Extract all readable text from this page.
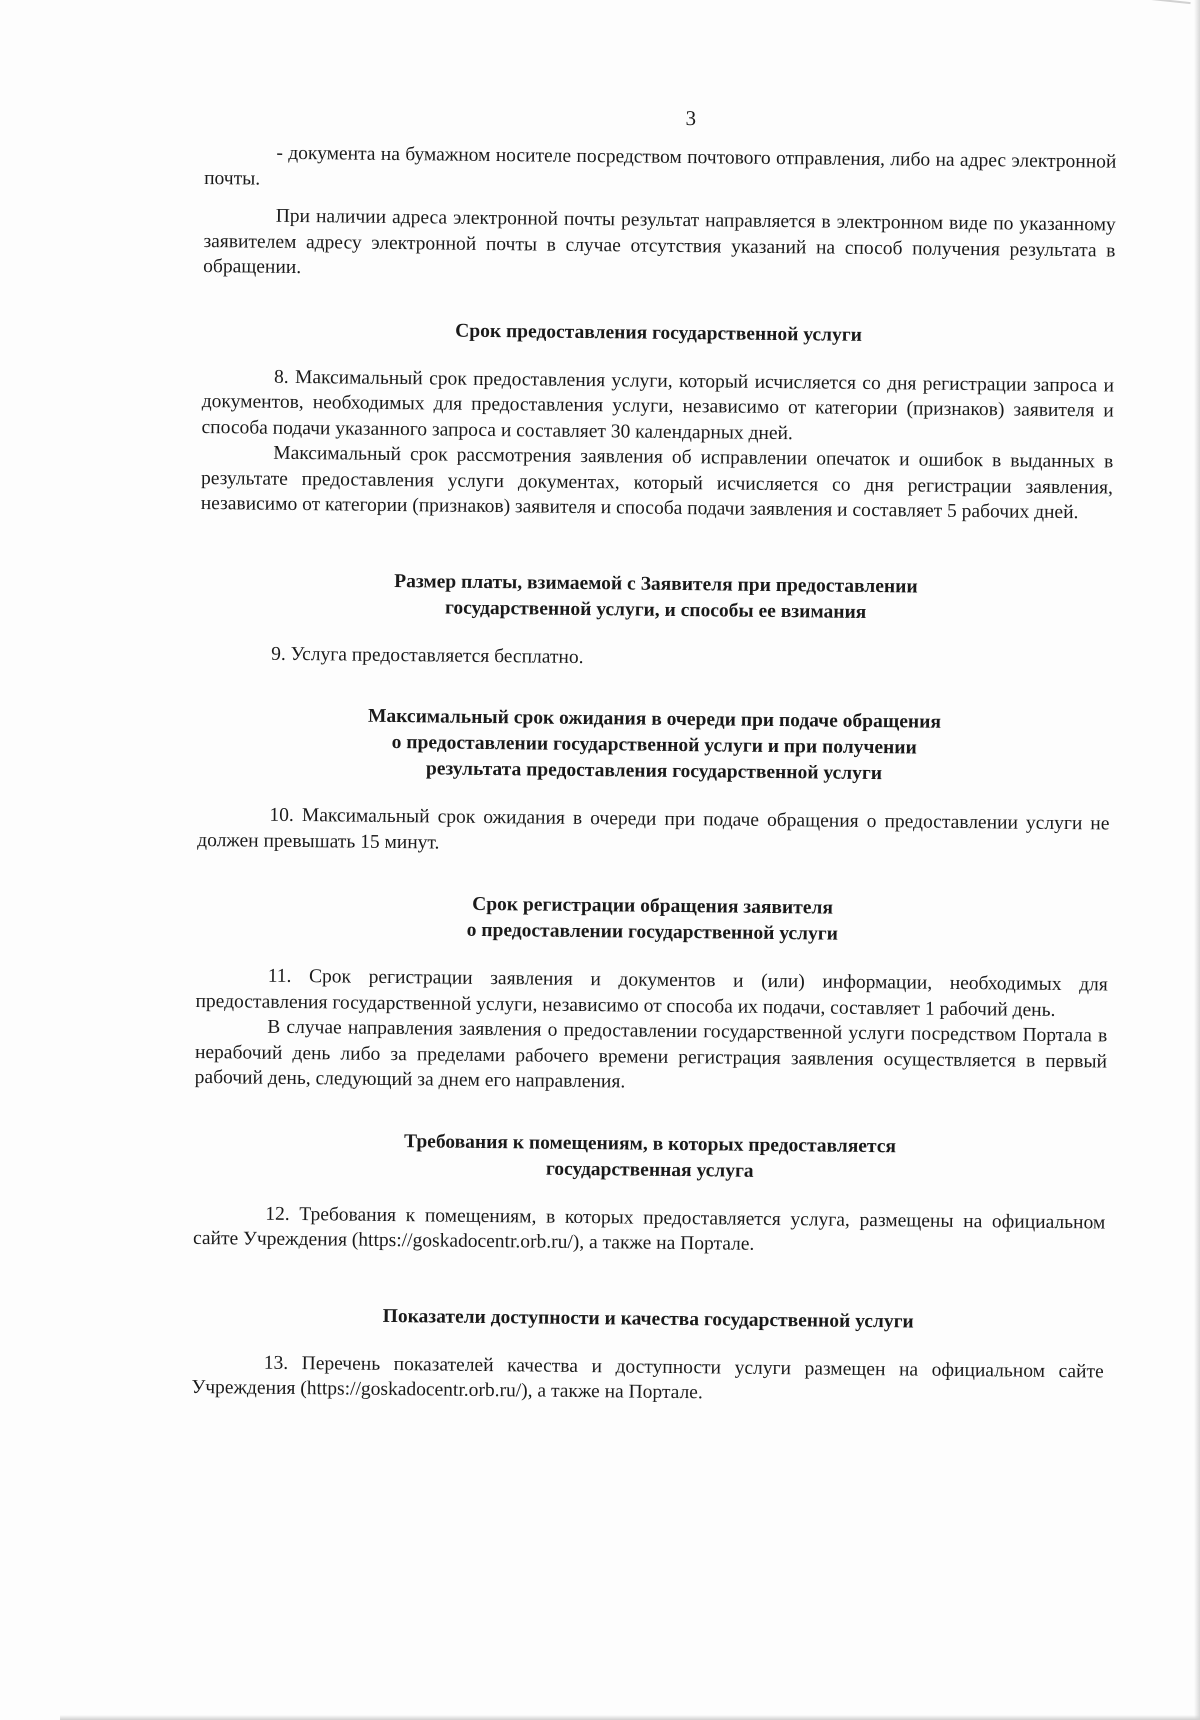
3

- документа на бумажном носителе посредством почтового отправления, либо на адрес электронной почты.

При наличии адреса электронной почты результат направляется в электронном виде по указанному заявителем адресу электронной почты в случае отсутствия указаний на способ получения результата в обращении.

Срок предоставления государственной услуги

8. Максимальный срок предоставления услуги, который исчисляется со дня регистрации запроса и документов, необходимых для предоставления услуги, независимо от категории (признаков) заявителя и способа подачи указанного запроса и составляет 30 календарных дней.

Максимальный срок рассмотрения заявления об исправлении опечаток и ошибок в выданных в результате предоставления услуги документах, который исчисляется со дня регистрации заявления, независимо от категории (признаков) заявителя и способа подачи заявления и составляет 5 рабочих дней.

Размер платы, взимаемой с Заявителя при предоставлении
государственной услуги, и способы ее взимания

9. Услуга предоставляется бесплатно.

Максимальный срок ожидания в очереди при подаче обращения
о предоставлении государственной услуги и при получении
результата предоставления государственной услуги

10. Максимальный срок ожидания в очереди при подаче обращения о предоставлении услуги не должен превышать 15 минут.

Срок регистрации обращения заявителя
о предоставлении государственной услуги

11. Срок регистрации заявления и документов и (или) информации, необходимых для предоставления государственной услуги, независимо от способа их подачи, составляет 1 рабочий день.

В случае направления заявления о предоставлении государственной услуги посредством Портала в нерабочий день либо за пределами рабочего времени регистрация заявления осуществляется в первый рабочий день, следующий за днем его направления.

Требования к помещениям, в которых предоставляется
государственная услуга

12. Требования к помещениям, в которых предоставляется услуга, размещены на официальном сайте Учреждения (https://goskadocentr.orb.ru/), а также на Портале.

Показатели доступности и качества государственной услуги

13. Перечень показателей качества и доступности услуги размещен на официальном сайте Учреждения (https://goskadocentr.orb.ru/), а также на Портале.
